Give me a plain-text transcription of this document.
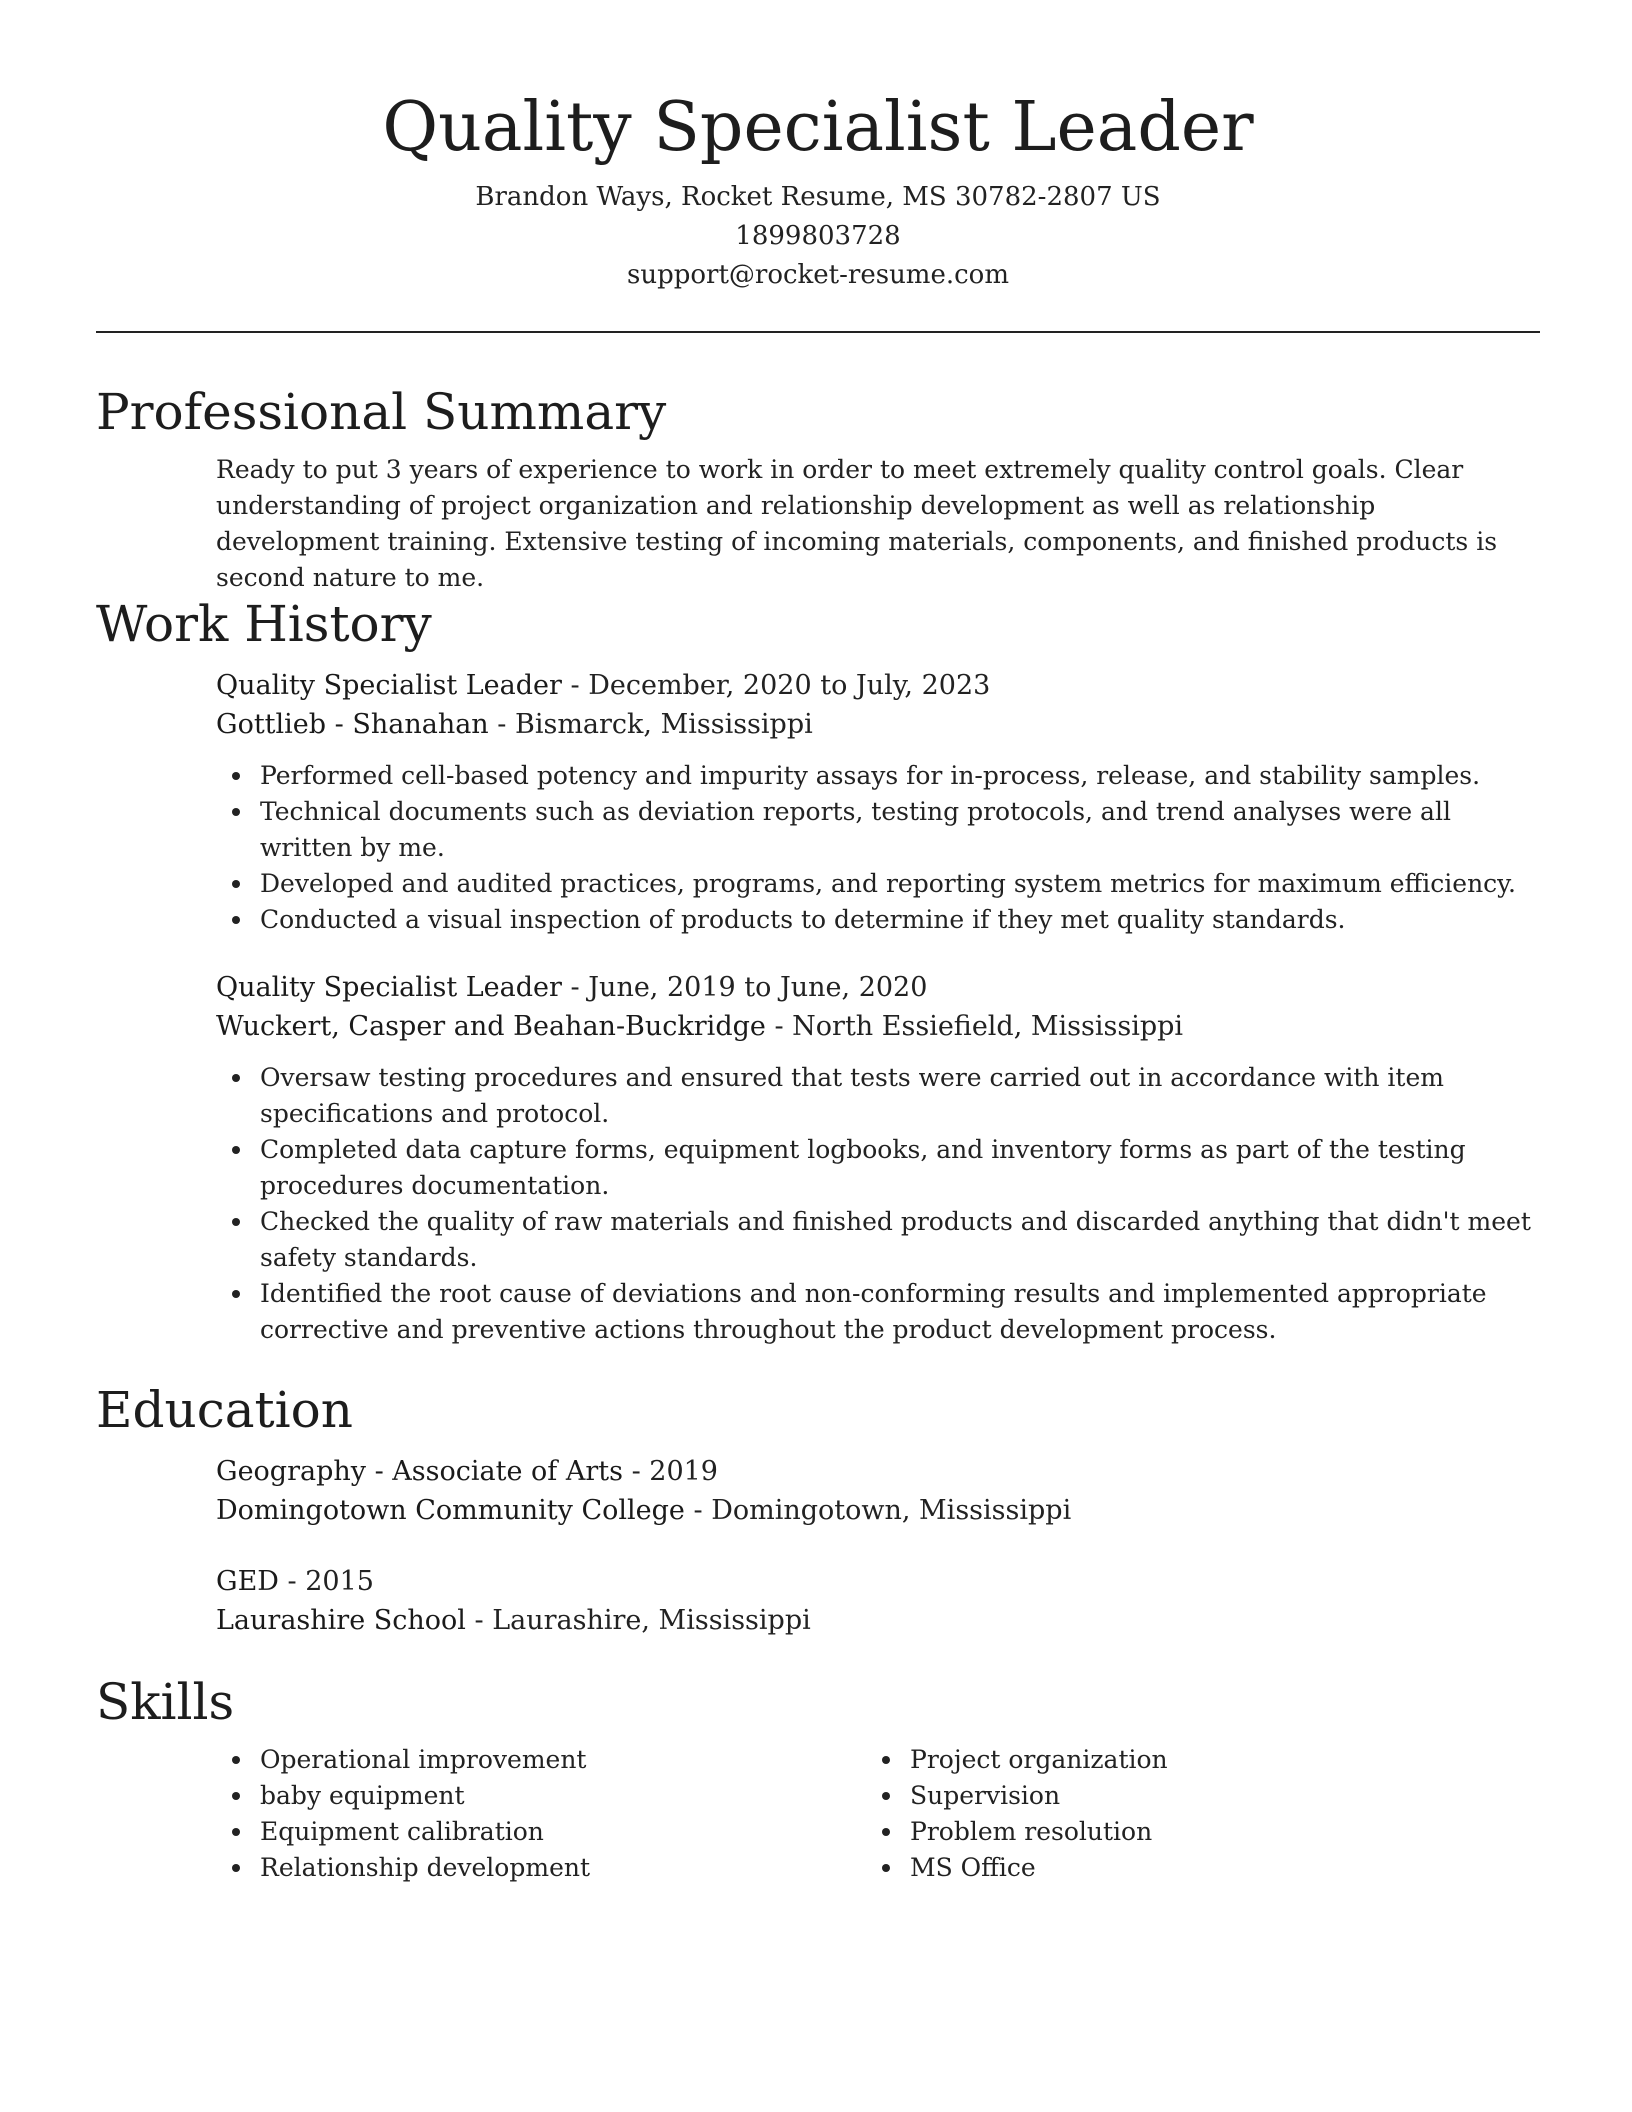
Quality Specialist Leader
Brandon Ways, Rocket Resume, MS 30782-2807 US
1899803728
support@rocket-resume.com
Professional Summary

Ready to put 3 years of experience to work in order to meet extremely quality control goals. Clear understanding of project organization and relationship development as well as relationship development training. Extensive testing of incoming materials, components, and finished products is second nature to me.

Work History
Quality Specialist Leader - December, 2020 to July, 2023
Gottlieb - Shanahan - Bismarck, Mississippi
Performed cell-based potency and impurity assays for in-process, release, and stability samples.
Technical documents such as deviation reports, testing protocols, and trend analyses were all written by me.
Developed and audited practices, programs, and reporting system metrics for maximum efficiency.
Conducted a visual inspection of products to determine if they met quality standards.
Quality Specialist Leader - June, 2019 to June, 2020
Wuckert, Casper and Beahan-Buckridge - North Essiefield, Mississippi
Oversaw testing procedures and ensured that tests were carried out in accordance with item specifications and protocol.
Completed data capture forms, equipment logbooks, and inventory forms as part of the testing procedures documentation.
Checked the quality of raw materials and finished products and discarded anything that didn't meet safety standards.
Identified the root cause of deviations and non-conforming results and implemented appropriate corrective and preventive actions throughout the product development process.
Education
Geography - Associate of Arts - 2019
Domingotown Community College - Domingotown, Mississippi
GED - 2015
Laurashire School - Laurashire, Mississippi
Skills
Operational improvement
baby equipment
Equipment calibration
Relationship development
Project organization
Supervision
Problem resolution
MS Office
